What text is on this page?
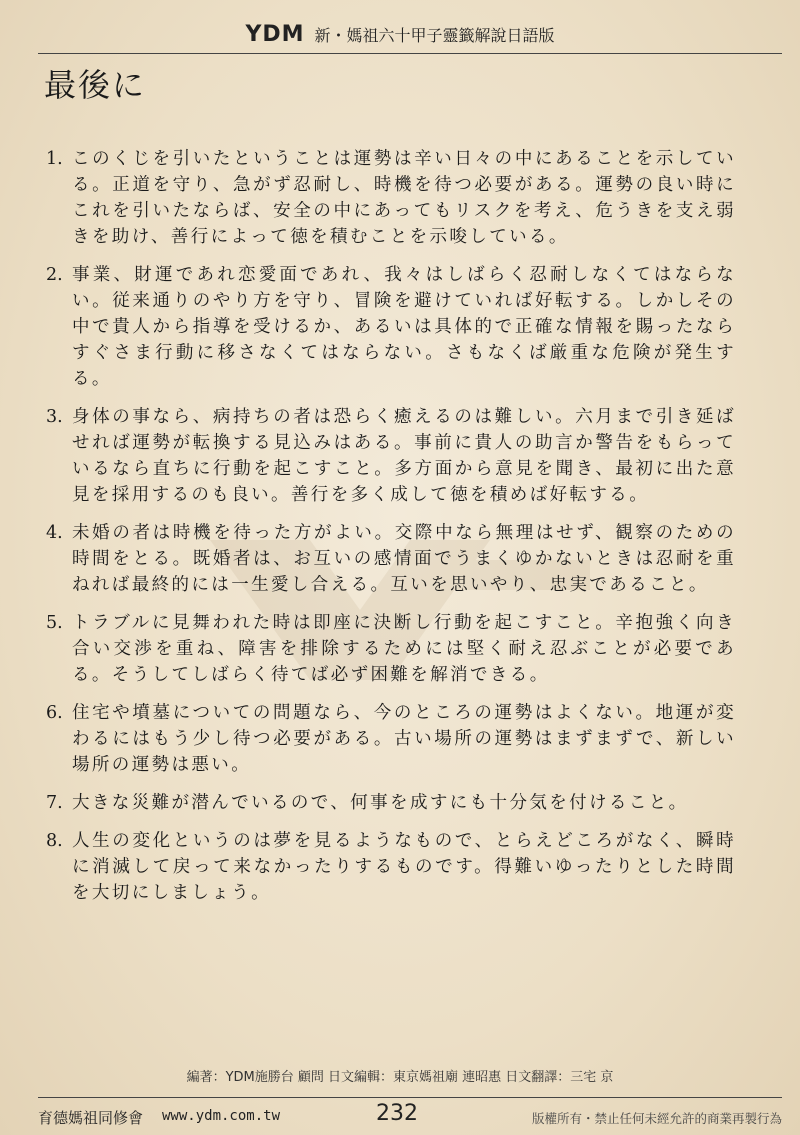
YDM 新・媽祖六十甲子靈籤解說日語版
最後に
1. このくじを引いたということは運勢は辛い日々の中にあることを示している。正道を守り、急がず忍耐し、時機を待つ必要がある。運勢の良い時にこれを引いたならば、安全の中にあってもリスクを考え、危うきを支え弱きを助け、善行によって徳を積むことを示唆している。
2. 事業、財運であれ恋愛面であれ、我々はしばらく忍耐しなくてはならない。従来通りのやり方を守り、冒険を避けていれば好転する。しかしその中で貴人から指導を受けるか、あるいは具体的で正確な情報を賜ったならすぐさま行動に移さなくてはならない。さもなくば厳重な危険が発生する。
3. 身体の事なら、病持ちの者は恐らく癒えるのは難しい。六月まで引き延ばせれば運勢が転換する見込みはある。事前に貴人の助言か警告をもらっているなら直ちに行動を起こすこと。多方面から意見を聞き、最初に出た意見を採用するのも良い。善行を多く成して徳を積めば好転する。
4. 未婚の者は時機を待った方がよい。交際中なら無理はせず、観察のための時間をとる。既婚者は、お互いの感情面でうまくゆかないときは忍耐を重ねれば最終的には一生愛し合える。互いを思いやり、忠実であること。
5. トラブルに見舞われた時は即座に決断し行動を起こすこと。辛抱強く向き合い交渉を重ね、障害を排除するためには堅く耐え忍ぶことが必要である。そうしてしばらく待てば必ず困難を解消できる。
6. 住宅や墳墓についての問題なら、今のところの運勢はよくない。地運が変わるにはもう少し待つ必要がある。古い場所の運勢はまずまずで、新しい場所の運勢は悪い。
7. 大きな災難が潜んでいるので、何事を成すにも十分気を付けること。
8. 人生の変化というのは夢を見るようなもので、とらえどころがなく、瞬時に消滅して戻って来なかったりするものです。得難いゆったりとした時間を大切にしましょう。
編著：YDM施勝台 顧問 日文編輯：東京媽祖廟 連昭惠 日文翻譯：三宅 京
育德媽祖同修會 www.ydm.com.tw	232	版權所有・禁止任何未經允許的商業再製行為
